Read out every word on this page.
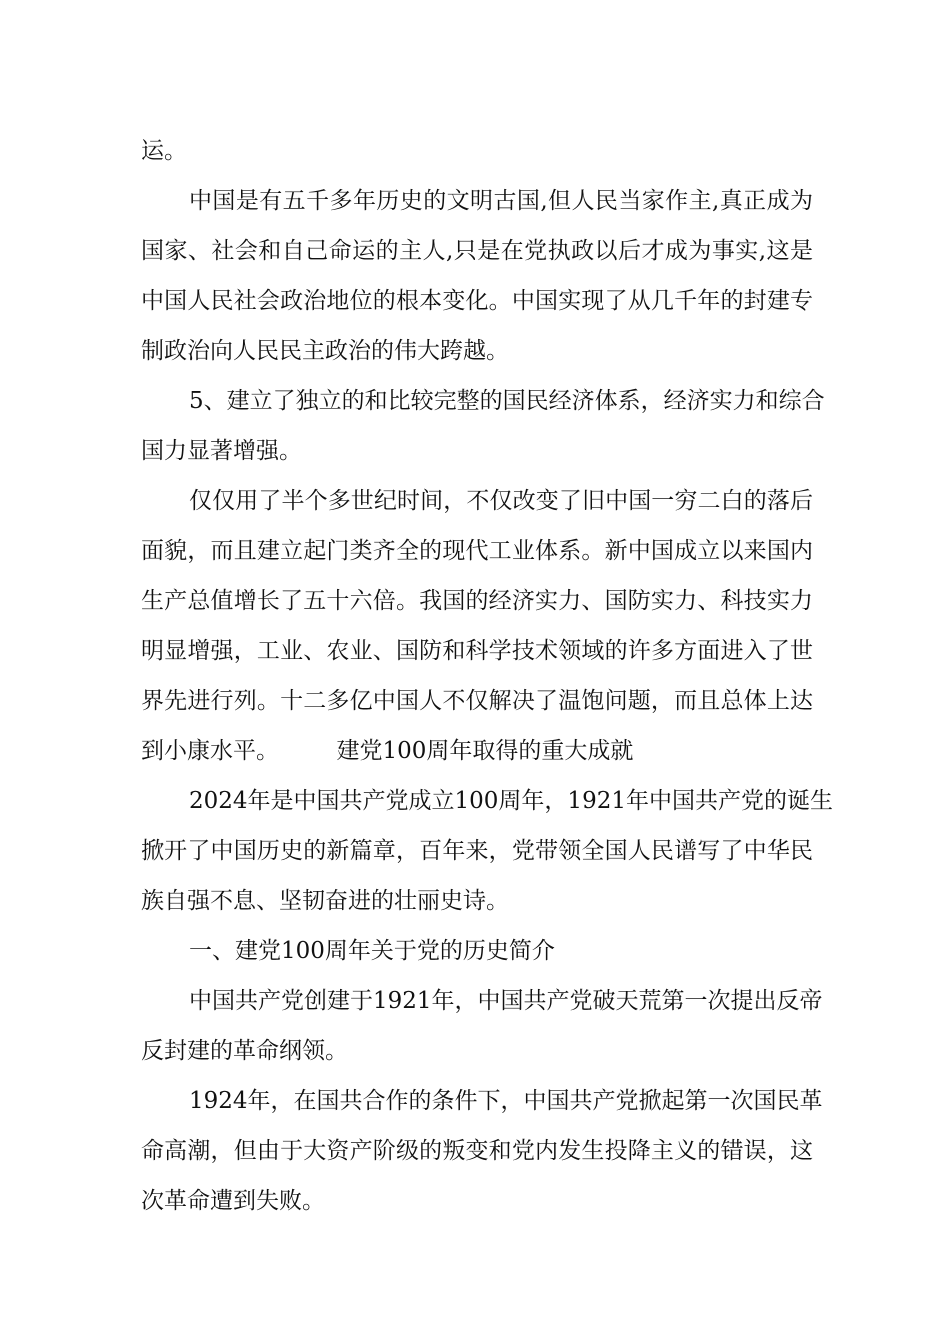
运。
中国是有五千多年历史的文明古国,但人民当家作主,真正成为
国家、社会和自己命运的主人,只是在党执政以后才成为事实,这是
中国人民社会政治地位的根本变化。中国实现了从几千年的封建专
制政治向人民民主政治的伟大跨越。
5、建立了独立的和比较完整的国民经济体系，经济实力和综合
国力显著增强。
仅仅用了半个多世纪时间，不仅改变了旧中国一穷二白的落后
面貌，而且建立起门类齐全的现代工业体系。新中国成立以来国内
生产总值增长了五十六倍。我国的经济实力、国防实力、科技实力
明显增强，工业、农业、国防和科学技术领域的许多方面进入了世
界先进行列。十二多亿中国人不仅解决了温饱问题，而且总体上达
到小康水平。　　　建党100周年取得的重大成就
2024年是中国共产党成立100周年，1921年中国共产党的诞生
掀开了中国历史的新篇章，百年来，党带领全国人民谱写了中华民
族自强不息、坚韧奋进的壮丽史诗。
一、建党100周年关于党的历史简介
中国共产党创建于1921年，中国共产党破天荒第一次提出反帝
反封建的革命纲领。
1924年，在国共合作的条件下，中国共产党掀起第一次国民革
命高潮，但由于大资产阶级的叛变和党内发生投降主义的错误，这
次革命遭到失败。
